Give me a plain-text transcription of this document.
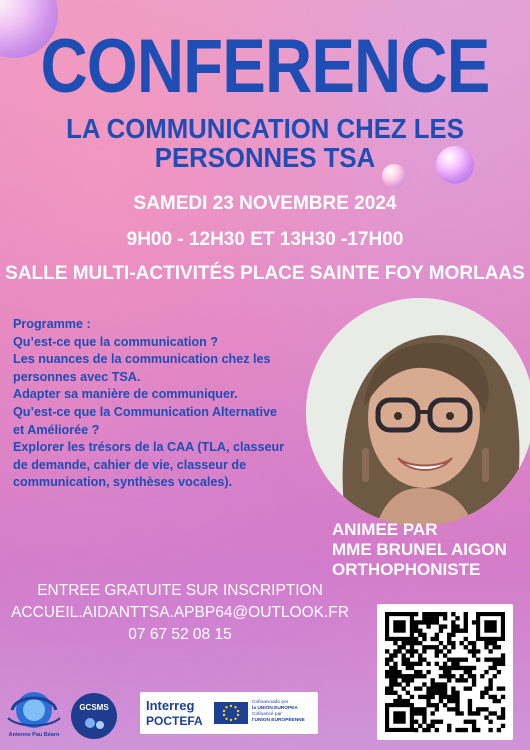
CONFERENCE
LA COMMUNICATION CHEZ LES
PERSONNES TSA
SAMEDI 23 NOVEMBRE 2024
9H00 - 12H30 ET 13H30 -17H00
SALLE MULTI-ACTIVITÉS PLACE SAINTE FOY MORLAAS
Programme :
Qu’est-ce que la communication ?
Les nuances de la communication chez les
personnes avec TSA.
Adapter sa manière de communiquer.
Qu’est-ce que la Communication Alternative
et Améliorée ?
Explorer les trésors de la CAA (TLA, classeur
de demande, cahier de vie, classeur de
communication, synthèses vocales).
ANIMEE PAR
MME BRUNEL AIGON
ORTHOPHONISTE
ENTREE GRATUITE SUR INSCRIPTION
ACCUEIL.AIDANTTSA.APBP64@OUTLOOK.FR
07 67 52 08 15
Antenne Pau Béarn
GCSMS	Interreg
POCTEFA
Cofinanciado por
la UNIÓN EUROPEA
Cofinancé par
l'UNION EUROPÉENNE
